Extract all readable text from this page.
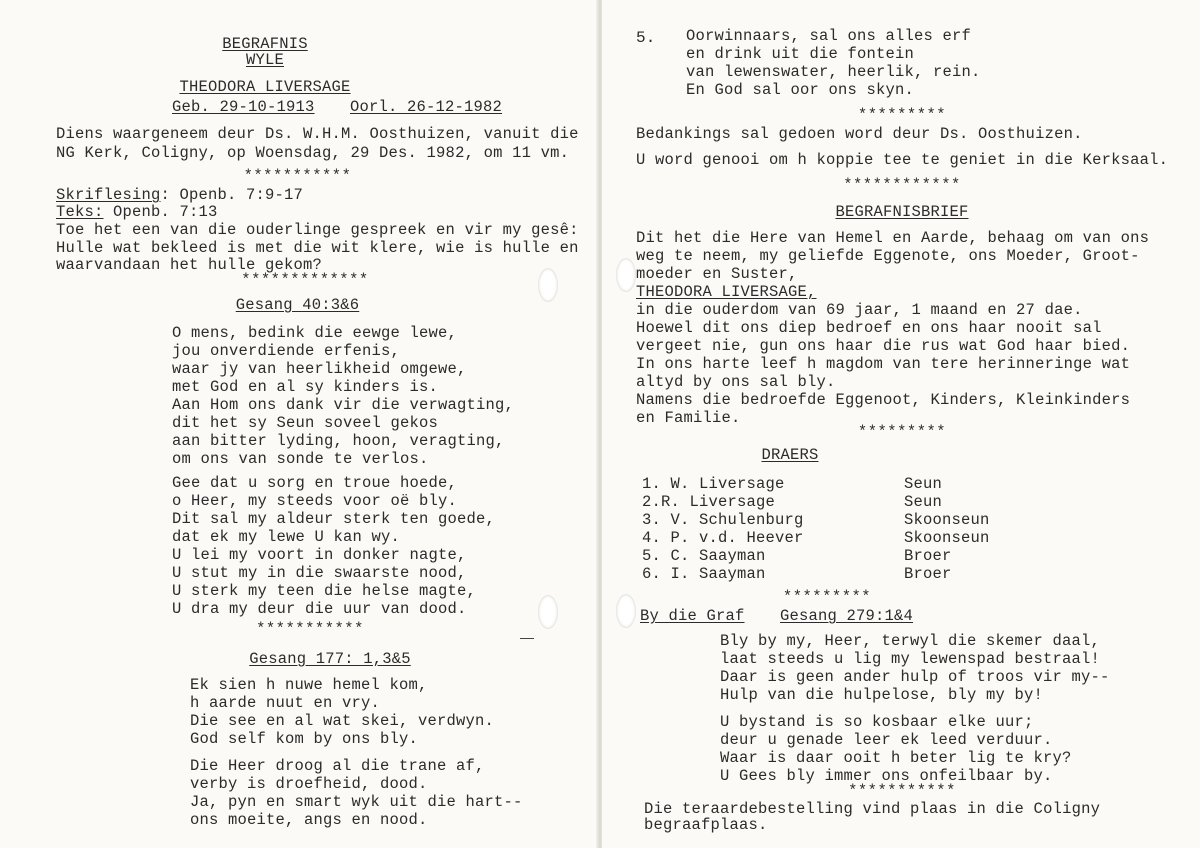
BEGRAFNIS
WYLE
THEODORA LIVERSAGE
Geb. 29-10-1913 Oorl. 26-12-1982
Diens waargeneem deur Ds. W.H.M. Oosthuizen, vanuit die
NG Kerk, Coligny, op Woensdag, 29 Des. 1982, om 11 vm.
***********
Skriflesing: Openb. 7:9-17
Teks: Openb. 7:13
Toe het een van die ouderlinge gespreek en vir my gesê:
Hulle wat bekleed is met die wit klere, wie is hulle en
waarvandaan het hulle gekom?
*************
Gesang 40:3&6
O mens, bedink die eewge lewe,
jou onverdiende erfenis,
waar jy van heerlikheid omgewe,
met God en al sy kinders is.
Aan Hom ons dank vir die verwagting,
dit het sy Seun soveel gekos
aan bitter lyding, hoon, veragting,
om ons van sonde te verlos.
Gee dat u sorg en troue hoede,
o Heer, my steeds voor oë bly.
Dit sal my aldeur sterk ten goede,
dat ek my lewe U kan wy.
U lei my voort in donker nagte,
U stut my in die swaarste nood,
U sterk my teen die helse magte,
U dra my deur die uur van dood.
***********
Gesang 177: 1,3&5
Ek sien h nuwe hemel kom,
h aarde nuut en vry.
Die see en al wat skei, verdwyn.
God self kom by ons bly.
Die Heer droog al die trane af,
verby is droefheid, dood.
Ja, pyn en smart wyk uit die hart--
ons moeite, angs en nood.
5. Oorwinnaars, sal ons alles erf
en drink uit die fontein
van lewenswater, heerlik, rein.
En God sal oor ons skyn.
*********
Bedankings sal gedoen word deur Ds. Oosthuizen.
U word genooi om h koppie tee te geniet in die Kerksaal.
************
BEGRAFNISBRIEF
Dit het die Here van Hemel en Aarde, behaag om van ons
weg te neem, my geliefde Eggenote, ons Moeder, Groot-
moeder en Suster,
THEODORA LIVERSAGE,
in die ouderdom van 69 jaar, 1 maand en 27 dae.
Hoewel dit ons diep bedroef en ons haar nooit sal
vergeet nie, gun ons haar die rus wat God haar bied.
In ons harte leef h magdom van tere herinneringe wat
altyd by ons sal bly.
Namens die bedroefde Eggenoot, Kinders, Kleinkinders
en Familie.
*********
DRAERS
1. W. Liversage	Seun
2.R. Liversage	Seun
3. V. Schulenburg	Skoonseun
4. P. v.d. Heever	Skoonseun
5. C. Saayman	Broer
6. I. Saayman	Broer
*********
By die Graf Gesang 279:1&4
Bly by my, Heer, terwyl die skemer daal,
laat steeds u lig my lewenspad bestraal!
Daar is geen ander hulp of troos vir my--
Hulp van die hulpelose, bly my by!
U bystand is so kosbaar elke uur;
deur u genade leer ek leed verduur.
Waar is daar ooit h beter lig te kry?
U Gees bly immer ons onfeilbaar by.
***********
Die teraardebestelling vind plaas in die Coligny
begraafplaas.
